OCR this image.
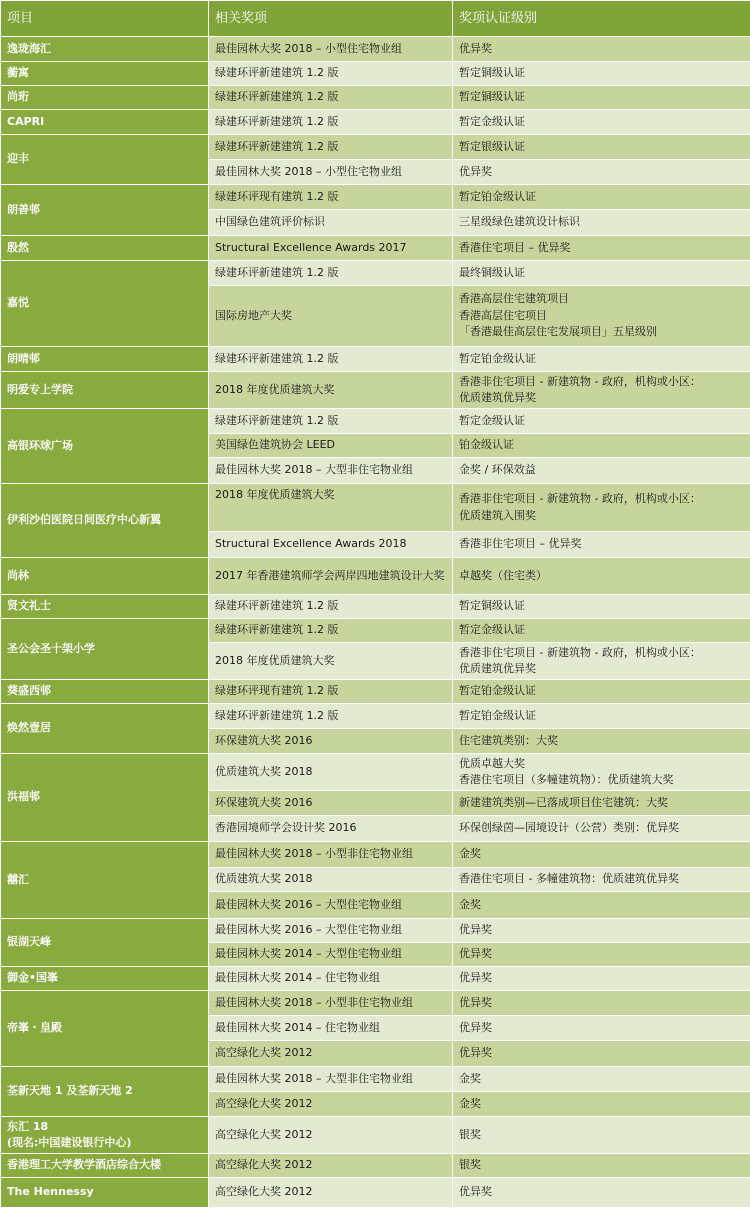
项目	相关奖项	奖项认证级别
逸珑海汇	最佳园林大奖 2018 – 小型住宅物业组	优异奖
蘅寓	绿建环评新建建筑 1.2 版	暂定铜级认证
尚珩	绿建环评新建建筑 1.2 版	暂定铜级认证
CAPRI	绿建环评新建建筑 1.2 版	暂定金级认证
迎丰	绿建环评新建建筑 1.2 版	暂定银级认证
	最佳园林大奖 2018 – 小型住宅物业组	优异奖
朗善邨	绿建环评现有建筑 1.2 版	暂定铂金级认证
	中国绿色建筑评价标识	三星级绿色建筑设计标识
殷然	Structural Excellence Awards 2017	香港住宅项目 – 优异奖
嘉悦	绿建环评新建建筑 1.2 版	最终铜级认证
	国际房地产大奖	香港高层住宅建筑项目
香港高层住宅项目
「香港最佳高层住宅发展项目」五星级别
朗晴邨	绿建环评新建建筑 1.2 版	暂定铂金级认证
明爱专上学院	2018 年度优质建筑大奖	香港非住宅项目 - 新建筑物 - 政府，机构或小区：
优质建筑优异奖
高银环球广场	绿建环评新建建筑 1.2 版	暂定金级认证
	美国绿色建筑协会 LEED	铂金级认证
	最佳园林大奖 2018 – 大型非住宅物业组	金奖 / 环保效益
伊利沙伯医院日间医疗中心新翼	2018 年度优质建筑大奖	香港非住宅项目 - 新建筑物 - 政府，机构或小区：
优质建筑入围奖
	Structural Excellence Awards 2018	香港非住宅项目 – 优异奖
尚林	2017 年香港建筑师学会两岸四地建筑设计大奖	卓越奖（住宅类）
贤文礼士	绿建环评新建建筑 1.2 版	暂定铜级认证
圣公会圣十架小学	绿建环评新建建筑 1.2 版	暂定金级认证
	2018 年度优质建筑大奖	香港非住宅项目 - 新建筑物 - 政府，机构或小区：
优质建筑优异奖
葵盛西邨	绿建环评现有建筑 1.2 版	暂定铂金级认证
焕然壹居	绿建环评新建建筑 1.2 版	暂定铂金级认证
	环保建筑大奖 2016	住宅建筑类别：大奖
洪福邨	优质建筑大奖 2018	优质卓越大奖
香港住宅项目（多幢建筑物）：优质建筑大奖
	环保建筑大奖 2016	新建建筑类别—已落成项目住宅建筑：大奖
	香港园境师学会设计奖 2016	环保创绿茵—园境设计（公营）类别：优异奖
囍汇	最佳园林大奖 2018 – 小型非住宅物业组	金奖
	优质建筑大奖 2018	香港住宅项目 - 多幢建筑物：优质建筑优异奖
	最佳园林大奖 2016 – 大型住宅物业组	金奖
银湖天峰	最佳园林大奖 2016 – 大型住宅物业组	优异奖
	最佳园林大奖 2014 – 大型住宅物业组	优异奖
御金•国峯	最佳园林大奖 2014 – 住宅物业组	优异奖
帝峯・皇殿	最佳园林大奖 2018 – 小型非住宅物业组	优异奖
	最佳园林大奖 2014 – 住宅物业组	优异奖
	高空绿化大奖 2012	优异奖
荃新天地 1 及荃新天地 2	最佳园林大奖 2018 – 大型非住宅物业组	金奖
	高空绿化大奖 2012	金奖
东汇 18
(现名:中国建设银行中心)	高空绿化大奖 2012	银奖
香港理工大学教学酒店综合大楼	高空绿化大奖 2012	银奖
The Hennessy	高空绿化大奖 2012	优异奖
